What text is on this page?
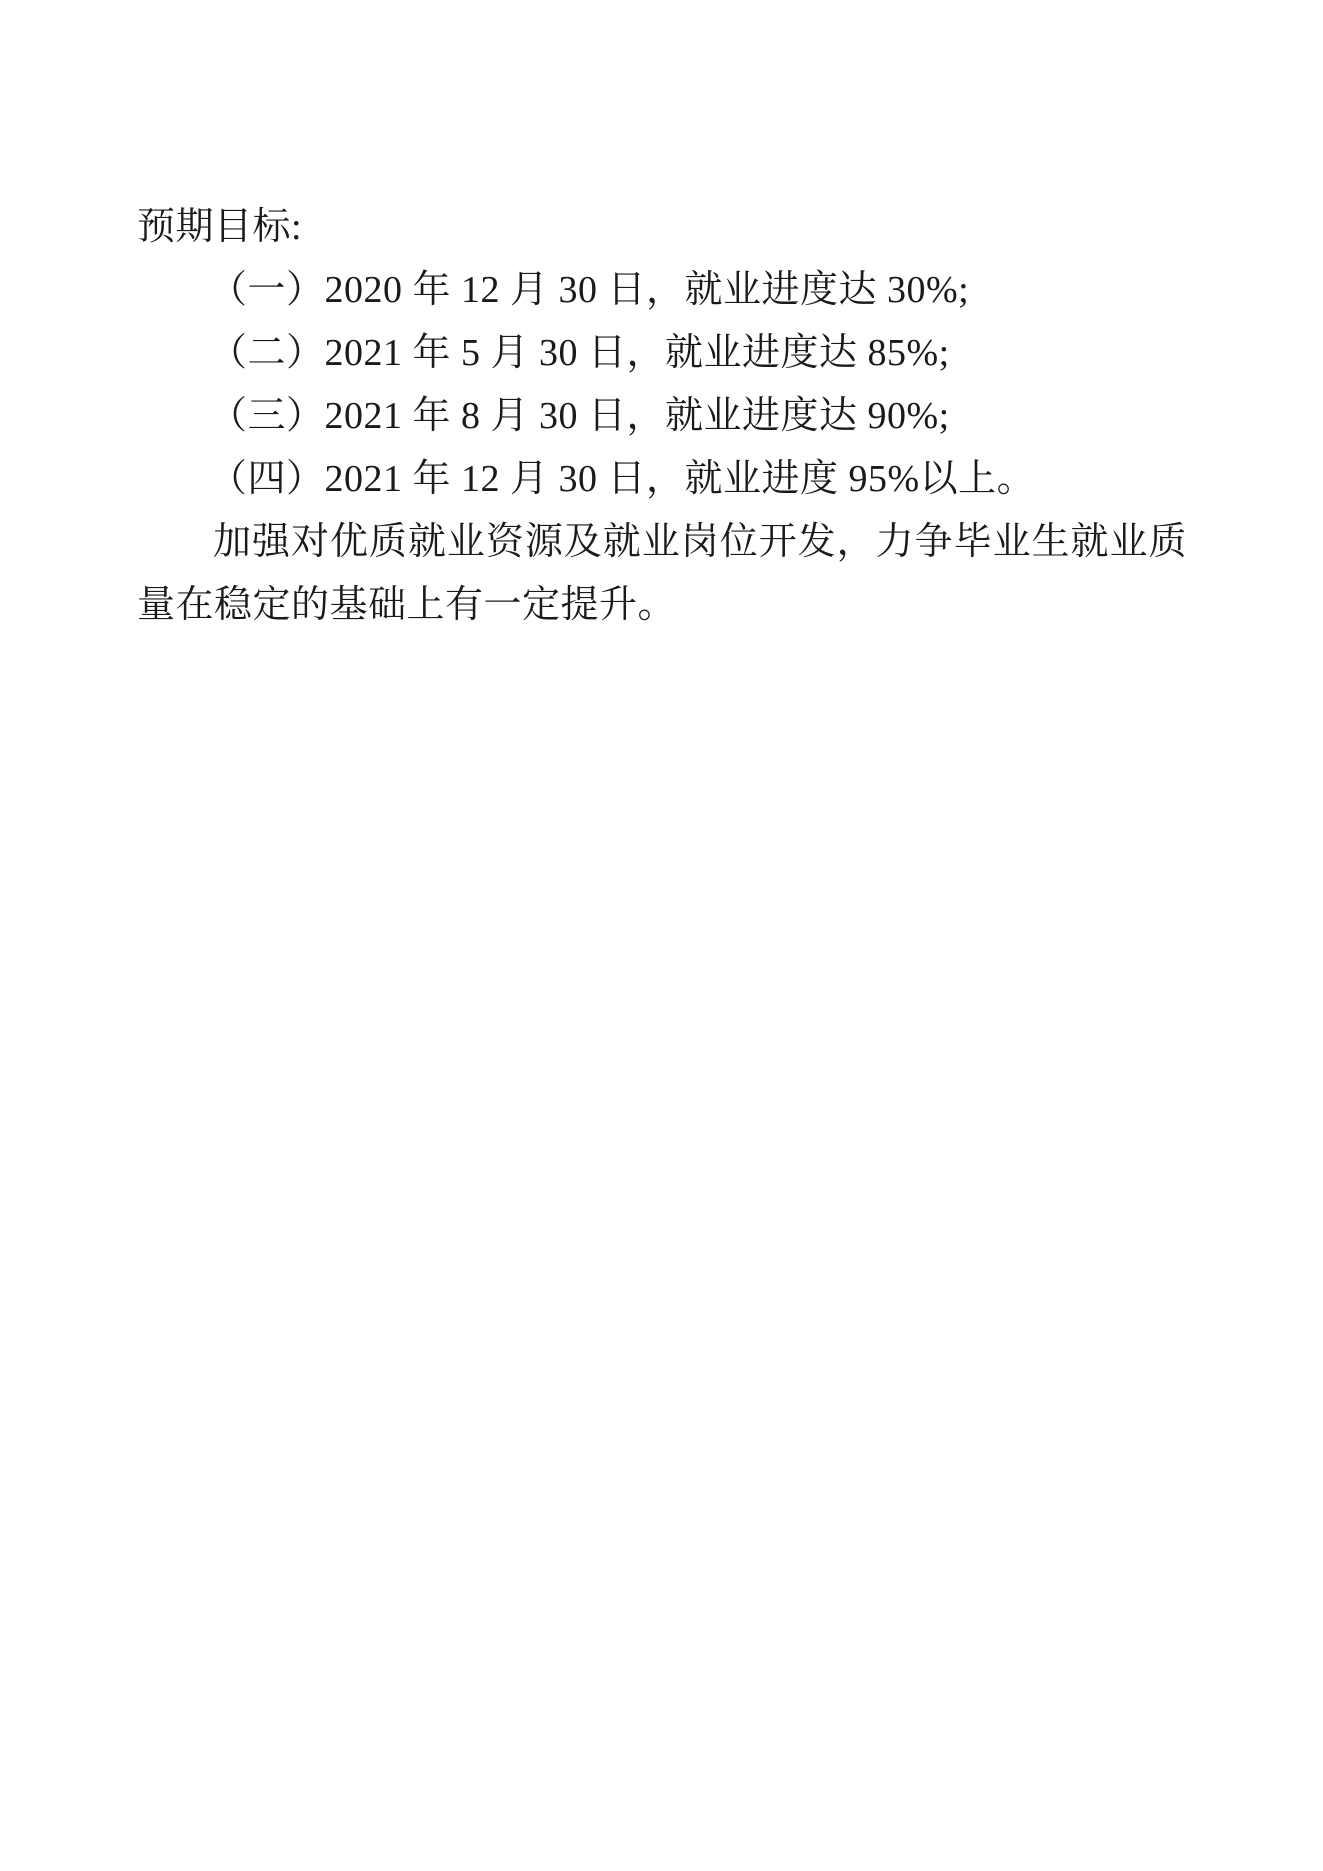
预期目标:

（一）2020 年 12 月 30 日，就业进度达 30%;

（二）2021 年 5 月 30 日，就业进度达 85%;

（三）2021 年 8 月 30 日，就业进度达 90%;

（四）2021 年 12 月 30 日，就业进度 95%以上。

加强对优质就业资源及就业岗位开发，力争毕业生就业质量在稳定的基础上有一定提升。
